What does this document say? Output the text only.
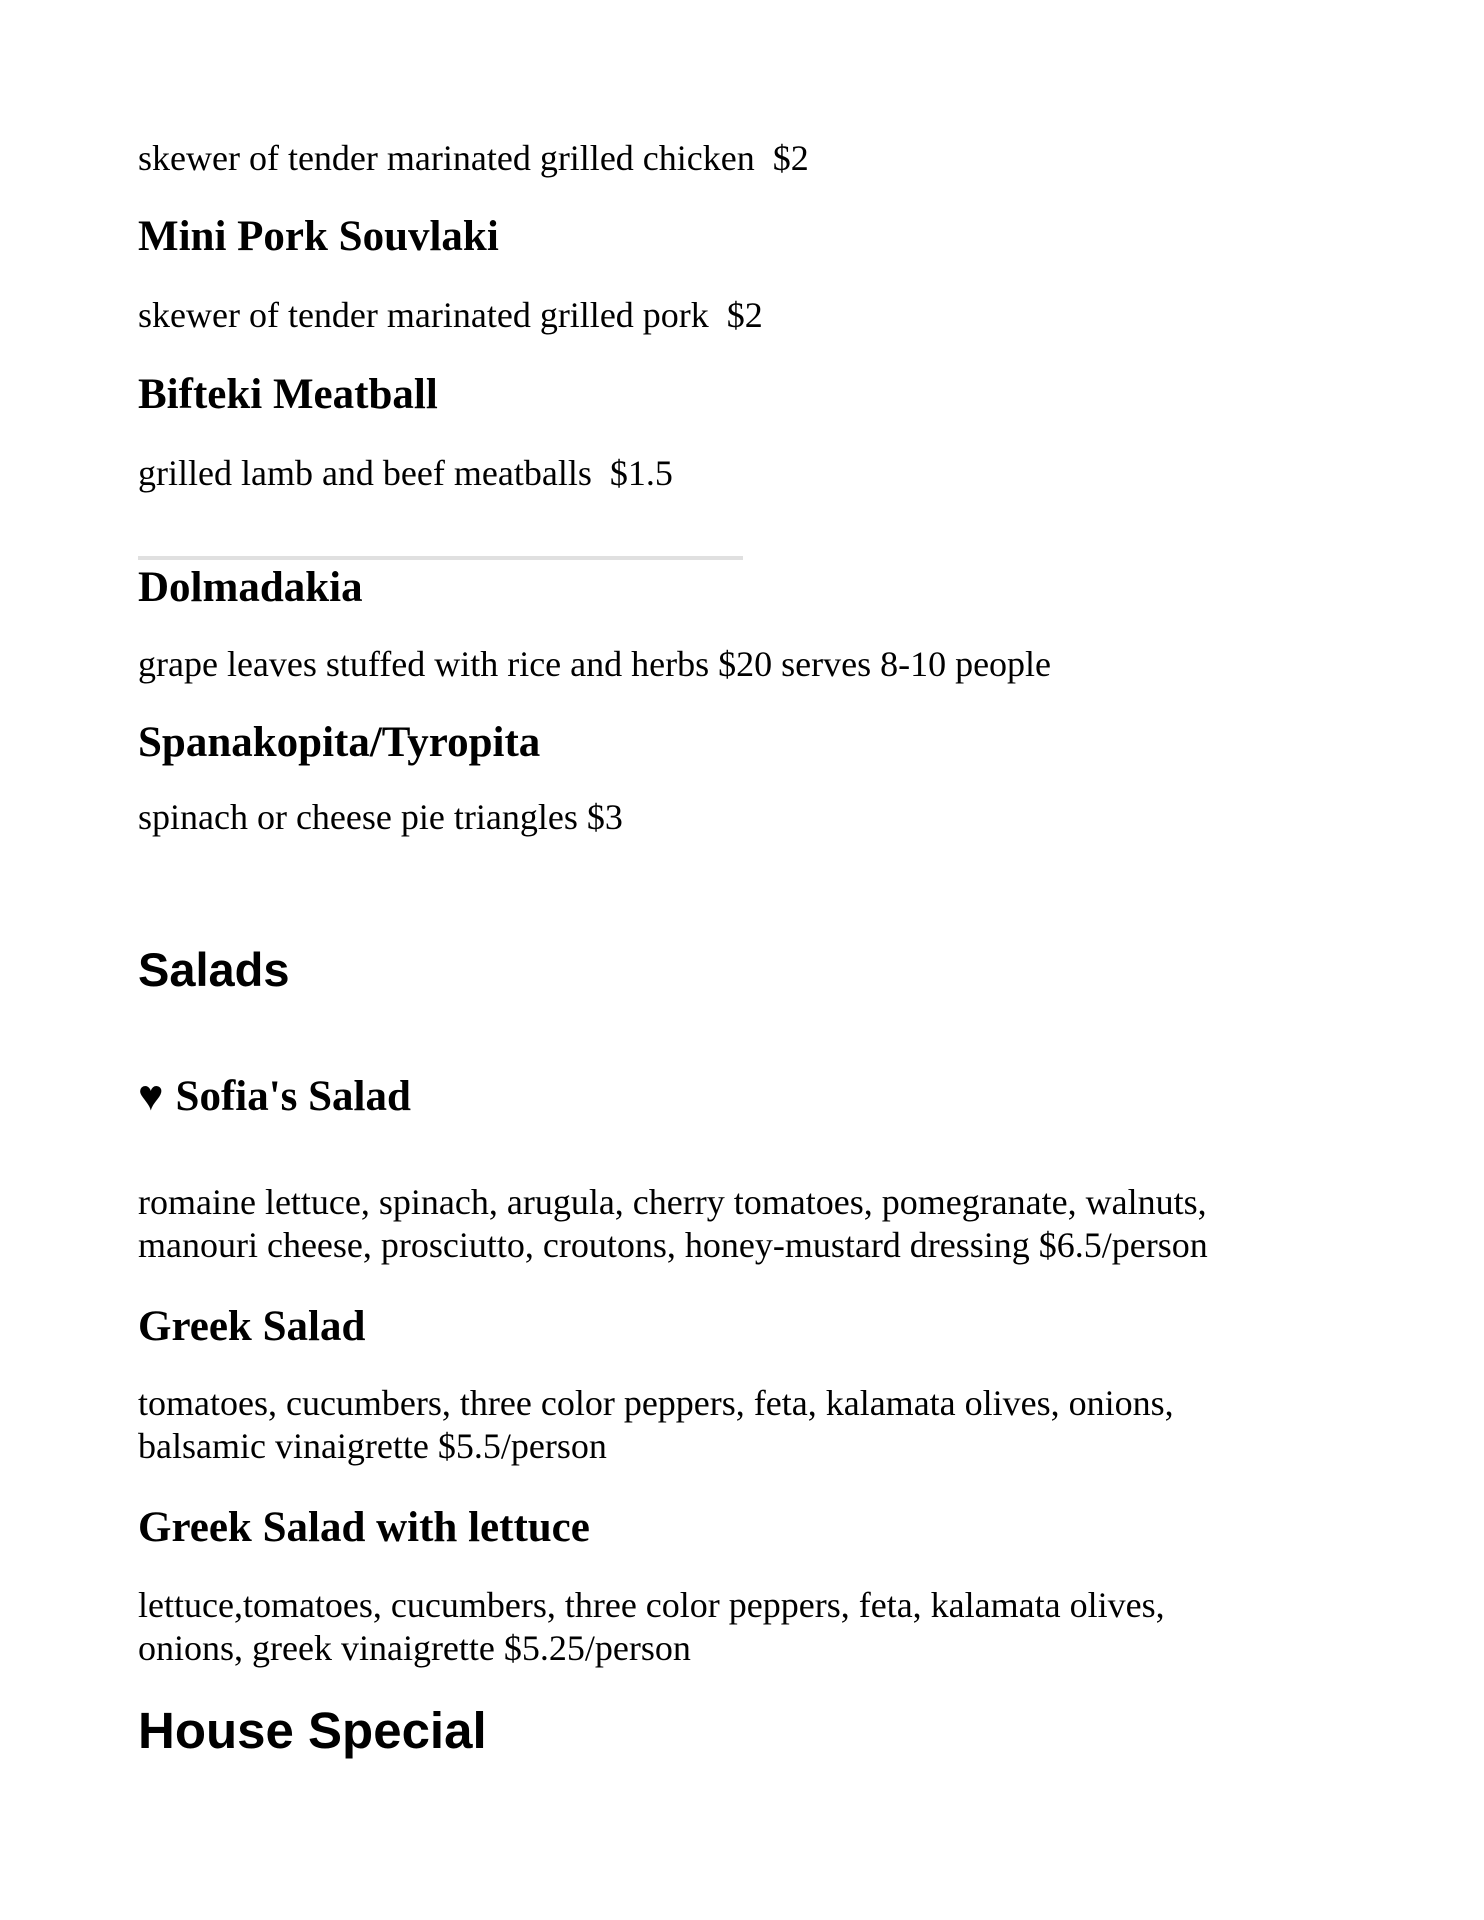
skewer of tender marinated grilled chicken  $2

Mini Pork Souvlaki

skewer of tender marinated grilled pork  $2

Bifteki Meatball

grilled lamb and beef meatballs  $1.5

Dolmadakia

grape leaves stuffed with rice and herbs $20 serves 8-10 people

Spanakopita/Tyropita

spinach or cheese pie triangles $3

Salads
♥ Sofia's Salad

romaine lettuce, spinach, arugula, cherry tomatoes, pomegranate, walnuts,
manouri cheese, prosciutto, croutons, honey-mustard dressing $6.5/person

Greek Salad

tomatoes, cucumbers, three color peppers, feta, kalamata olives, onions,
balsamic vinaigrette $5.5/person

Greek Salad with lettuce

lettuce,tomatoes, cucumbers, three color peppers, feta, kalamata olives,
onions, greek vinaigrette $5.25/person

House Special
